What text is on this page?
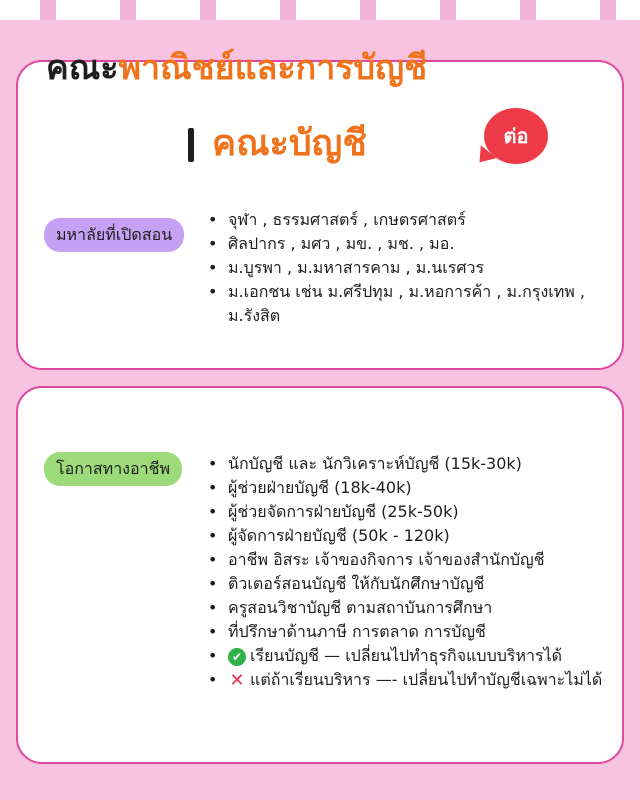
คณะพาณิชย์และการบัญชี
คณะบัญชี	ต่อ
มหาลัยที่เปิดสอน
• จุฬา , ธรรมศาสตร์ , เกษตรศาสตร์
• ศิลปากร , มศว , มข. , มช. , มอ.
• ม.บูรพา , ม.มหาสารคาม , ม.นเรศวร
• ม.เอกชน เช่น ม.ศรีปทุม , ม.หอการค้า , ม.กรุงเทพ , ม.รังสิต
โอกาสทางอาชีพ
•	นักบัญชี และ นักวิเคราะห์บัญชี (15k-30k)
• ผู้ช่วยฝ่ายบัญชี (18k-40k)
• ผู้ช่วยจัดการฝ่ายบัญชี (25k-50k)
• ผู้จัดการฝ่ายบัญชี (50k - 120k)
• อาชีพ อิสระ เจ้าของกิจการ เจ้าของสำนักบัญชี
• ติวเตอร์สอนบัญชี ให้กับนักศึกษาบัญชี
• ครูสอนวิชาบัญชี ตามสถาบันการศึกษา
• ที่ปรึกษาด้านภาษี การตลาด การบัญชี
• ✔ เรียนบัญชี — เปลี่ยนไปทำธุรกิจแบบบริหารได้
• ✕ แต่ถ้าเรียนบริหาร —- เปลี่ยนไปทำบัญชีเฉพาะไม่ได้
